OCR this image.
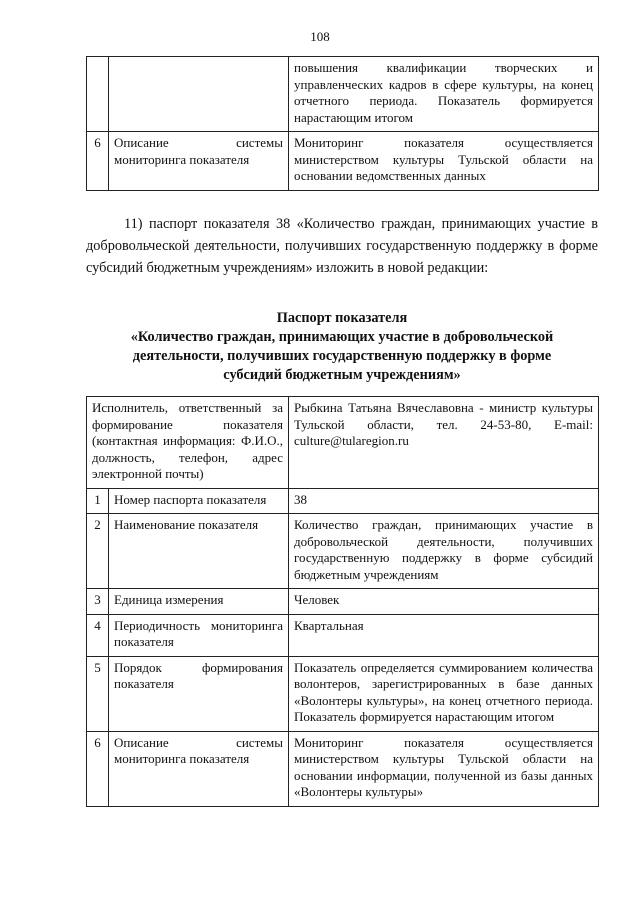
108
		повышения квалификации творческих и управленческих кадров в сфере культуры, на конец отчетного периода. Показатель формируется нарастающим итогом
6	Описание системы мониторинга показателя	Мониторинг показателя осуществляется министерством культуры Тульской области на основании ведомственных данных

11) паспорт показателя 38 «Количество граждан, принимающих участие в добровольческой деятельности, получивших государственную поддержку в форме субсидий бюджетным учреждениям» изложить в новой редакции:

Паспорт показателя
«Количество граждан, принимающих участие в добровольческой
деятельности, получивших государственную поддержку в форме
субсидий бюджетным учреждениям»
Исполнитель, ответственный за формирование показателя (контактная информация: Ф.И.О., должность, телефон, адрес электронной почты)		Рыбкина Татьяна Вячеславовна - министр культуры Тульской области, тел. 24-53-80, E-mail: culture@tularegion.ru
1	Номер паспорта показателя	38
2	Наименование показателя	Количество граждан, принимающих участие в добровольческой деятельности, получивших государственную поддержку в форме субсидий бюджетным учреждениям
3	Единица измерения	Человек
4	Периодичность мониторинга показателя	Квартальная
5	Порядок формирования показателя	Показатель определяется суммированием количества волонтеров, зарегистрированных в базе данных «Волонтеры культуры», на конец отчетного периода. Показатель формируется нарастающим итогом
6	Описание системы мониторинга показателя	Мониторинг показателя осуществляется министерством культуры Тульской области на основании информации, полученной из базы данных «Волонтеры культуры»
